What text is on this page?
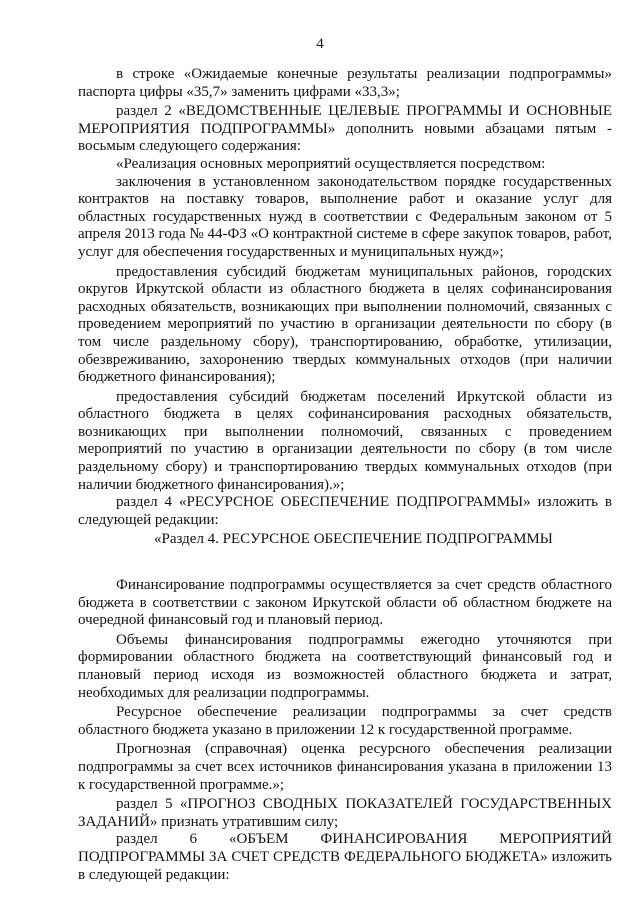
4

в строке «Ожидаемые конечные результаты реализации подпрограммы» паспорта цифры «35,7» заменить цифрами «33,3»;

раздел 2 «ВЕДОМСТВЕННЫЕ ЦЕЛЕВЫЕ ПРОГРАММЫ И ОСНОВНЫЕ МЕРОПРИЯТИЯ ПОДПРОГРАММЫ» дополнить новыми абзацами пятым - восьмым следующего содержания:

«Реализация основных мероприятий осуществляется посредством:

заключения в установленном законодательством порядке государственных контрактов на поставку товаров, выполнение работ и оказание услуг для областных государственных нужд в соответствии с Федеральным законом от 5 апреля 2013 года № 44-ФЗ «О контрактной системе в сфере закупок товаров, работ, услуг для обеспечения государственных и муниципальных нужд»;

предоставления субсидий бюджетам муниципальных районов, городских округов Иркутской области из областного бюджета в целях софинансирования расходных обязательств, возникающих при выполнении полномочий, связанных с проведением мероприятий по участию в организации деятельности по сбору (в том числе раздельному сбору), транспортированию, обработке, утилизации, обезвреживанию, захоронению твердых коммунальных отходов (при наличии бюджетного финансирования);

предоставления субсидий бюджетам поселений Иркутской области из областного бюджета в целях софинансирования расходных обязательств, возникающих при выполнении полномочий, связанных с проведением мероприятий по участию в организации деятельности по сбору (в том числе раздельному сбору) и транспортированию твердых коммунальных отходов (при наличии бюджетного финансирования).»;

раздел 4 «РЕСУРСНОЕ ОБЕСПЕЧЕНИЕ ПОДПРОГРАММЫ» изложить в следующей редакции:

«Раздел 4. РЕСУРСНОЕ ОБЕСПЕЧЕНИЕ ПОДПРОГРАММЫ

Финансирование подпрограммы осуществляется за счет средств областного бюджета в соответствии с законом Иркутской области об областном бюджете на очередной финансовый год и плановый период.

Объемы финансирования подпрограммы ежегодно уточняются при формировании областного бюджета на соответствующий финансовый год и плановый период исходя из возможностей областного бюджета и затрат, необходимых для реализации подпрограммы.

Ресурсное обеспечение реализации подпрограммы за счет средств областного бюджета указано в приложении 12 к государственной программе.

Прогнозная (справочная) оценка ресурсного обеспечения реализации подпрограммы за счет всех источников финансирования указана в приложении 13 к государственной программе.»;

раздел 5 «ПРОГНОЗ СВОДНЫХ ПОКАЗАТЕЛЕЙ ГОСУДАРСТВЕННЫХ ЗАДАНИЙ» признать утратившим силу;

раздел 6 «ОБЪЕМ ФИНАНСИРОВАНИЯ МЕРОПРИЯТИЙ ПОДПРОГРАММЫ ЗА СЧЕТ СРЕДСТВ ФЕДЕРАЛЬНОГО БЮДЖЕТА» изложить в следующей редакции:
